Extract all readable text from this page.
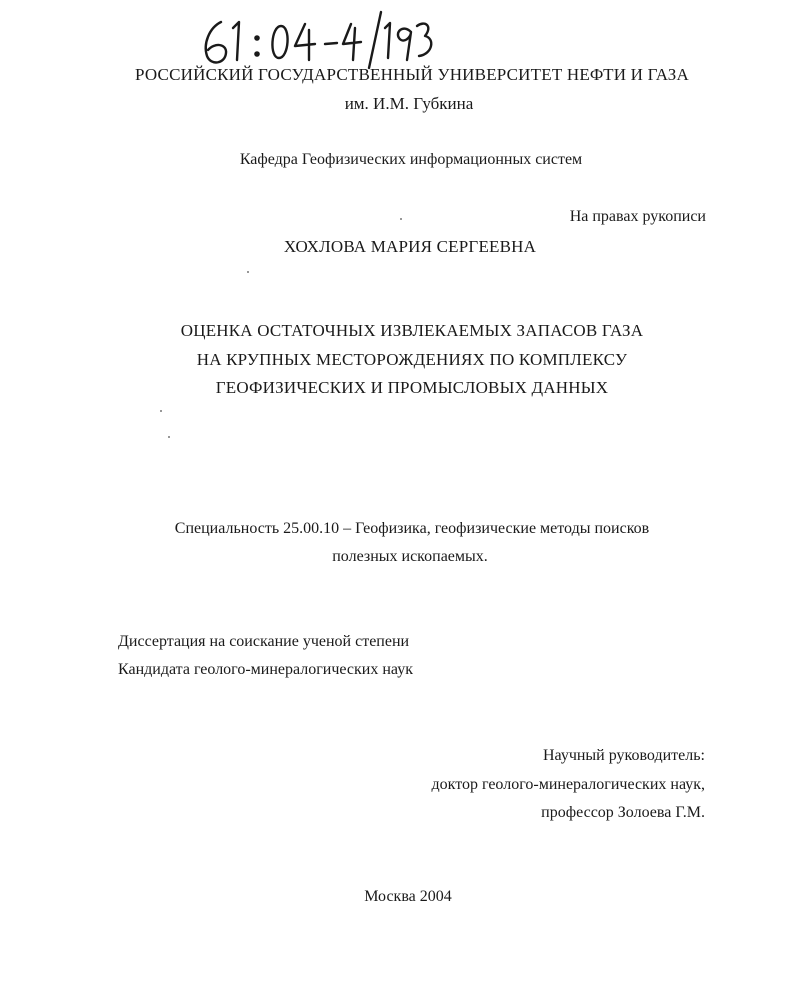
РОССИЙСКИЙ ГОСУДАРСТВЕННЫЙ УНИВЕРСИТЕТ НЕФТИ И ГАЗА
им. И.М. Губкина
Кафедра Геофизических информационных систем
На правах рукописи
ХОХЛОВА МАРИЯ СЕРГЕЕВНА
ОЦЕНКА ОСТАТОЧНЫХ ИЗВЛЕКАЕМЫХ ЗАПАСОВ ГАЗА
НА КРУПНЫХ МЕСТОРОЖДЕНИЯХ ПО КОМПЛЕКСУ
ГЕОФИЗИЧЕСКИХ И ПРОМЫСЛОВЫХ ДАННЫХ
Специальность 25.00.10 – Геофизика, геофизические методы поисков
полезных ископаемых.
Диссертация на соискание ученой степени
Кандидата геолого-минералогических наук
Научный руководитель:
доктор геолого-минералогических наук,
профессор Золоева Г.М.
Москва 2004
